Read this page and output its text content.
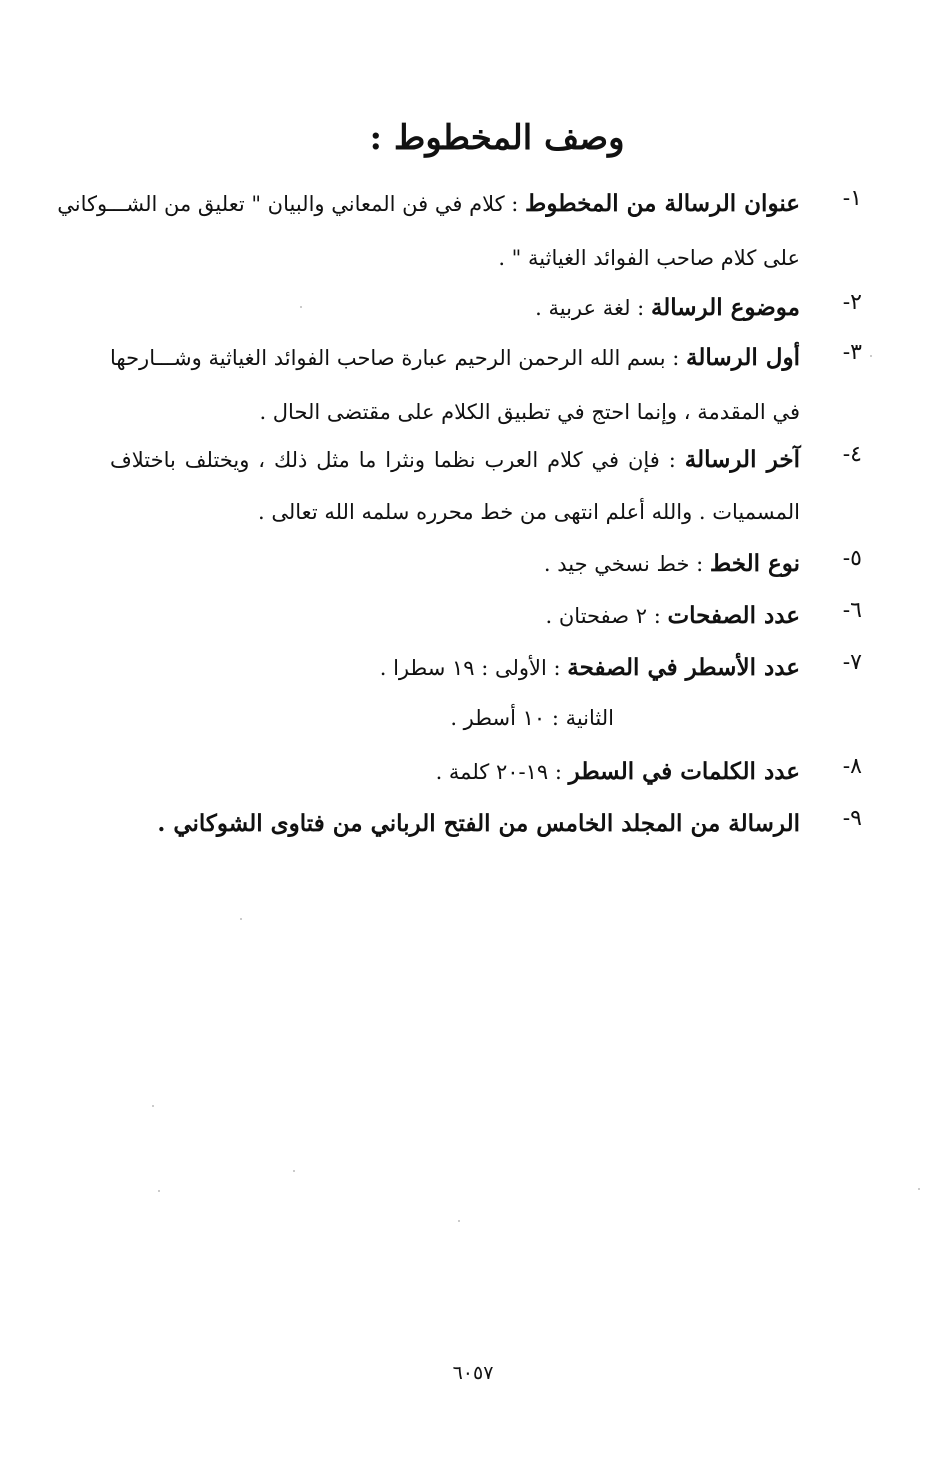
وصف المخطوط :
١-
عنوان الرسالة من المخطوط : كلام في فن المعاني والبيان " تعليق من الشـــوكاني
على كلام صاحب الفوائد الغياثية " .
٢-
موضوع الرسالة : لغة عربية .
٣-
أول الرسالة : بسم الله الرحمن الرحيم عبارة صاحب الفوائد الغياثية وشـــارحها
في المقدمة ، وإنما احتج في تطبيق الكلام على مقتضى الحال .
٤-
آخر الرسالة : فإن في كلام العرب نظما ونثرا ما مثل ذلك ، ويختلف باختلاف
المسميات . والله أعلم انتهى من خط محرره سلمه الله تعالى .
٥-
نوع الخط : خط نسخي جيد .
٦-
عدد الصفحات : ٢ صفحتان .
٧-
عدد الأسطر في الصفحة : الأولى : ١٩ سطرا .
الثانية : ١٠ أسطر .
٨-
عدد الكلمات في السطر : ١٩-٢٠ كلمة .
٩-
الرسالة من المجلد الخامس من الفتح الرباني من فتاوى الشوكاني .
٦٠٥٧
